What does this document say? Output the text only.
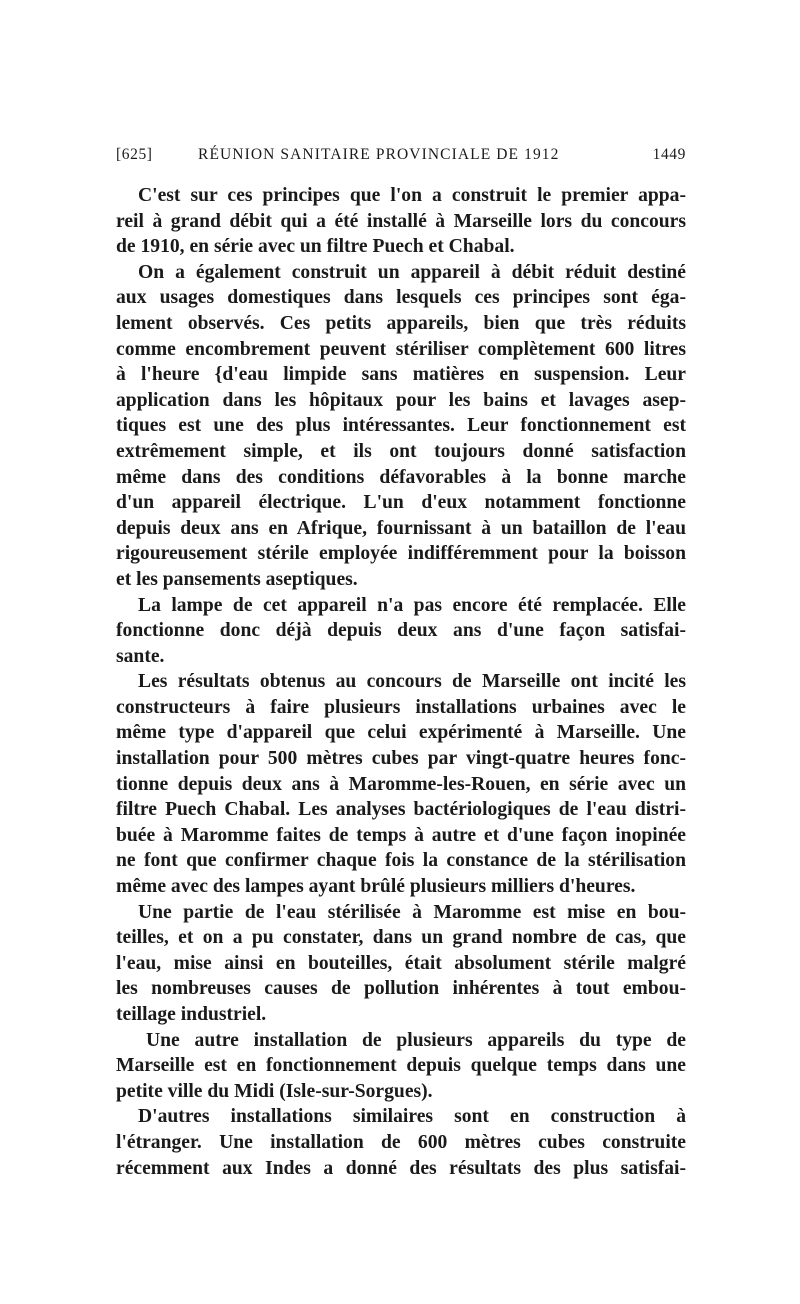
[625]	RÉUNION SANITAIRE PROVINCIALE DE 1912	1449
C'est sur ces principes que l'on a construit le premier appa-
reil à grand débit qui a été installé à Marseille lors du concours
de 1910, en série avec un filtre Puech et Chabal.
On a également construit un appareil à débit réduit destiné
aux usages domestiques dans lesquels ces principes sont éga-
lement observés. Ces petits appareils, bien que très réduits
comme encombrement peuvent stériliser complètement 600 litres
à l'heure {d'eau limpide sans matières en suspension. Leur
application dans les hôpitaux pour les bains et lavages asep-
tiques est une des plus intéressantes. Leur fonctionnement est
extrêmement simple, et ils ont toujours donné satisfaction
même dans des conditions défavorables à la bonne marche
d'un appareil électrique. L'un d'eux notamment fonctionne
depuis deux ans en Afrique, fournissant à un bataillon de l'eau
rigoureusement stérile employée indifféremment pour la boisson
et les pansements aseptiques.
La lampe de cet appareil n'a pas encore été remplacée. Elle
fonctionne donc déjà depuis deux ans d'une façon satisfai-
sante.
Les résultats obtenus au concours de Marseille ont incité les
constructeurs à faire plusieurs installations urbaines avec le
même type d'appareil que celui expérimenté à Marseille. Une
installation pour 500 mètres cubes par vingt-quatre heures fonc-
tionne depuis deux ans à Maromme-les-Rouen, en série avec un
filtre Puech Chabal. Les analyses bactériologiques de l'eau distri-
buée à Maromme faites de temps à autre et d'une façon inopinée
ne font que confirmer chaque fois la constance de la stérilisation
même avec des lampes ayant brûlé plusieurs milliers d'heures.
Une partie de l'eau stérilisée à Maromme est mise en bou-
teilles, et on a pu constater, dans un grand nombre de cas, que
l'eau, mise ainsi en bouteilles, était absolument stérile malgré
les nombreuses causes de pollution inhérentes à tout embou-
teillage industriel.
Une autre installation de plusieurs appareils du type de
Marseille est en fonctionnement depuis quelque temps dans une
petite ville du Midi (Isle-sur-Sorgues).
D'autres installations similaires sont en construction à
l'étranger. Une installation de 600 mètres cubes construite
récemment aux Indes a donné des résultats des plus satisfai-
